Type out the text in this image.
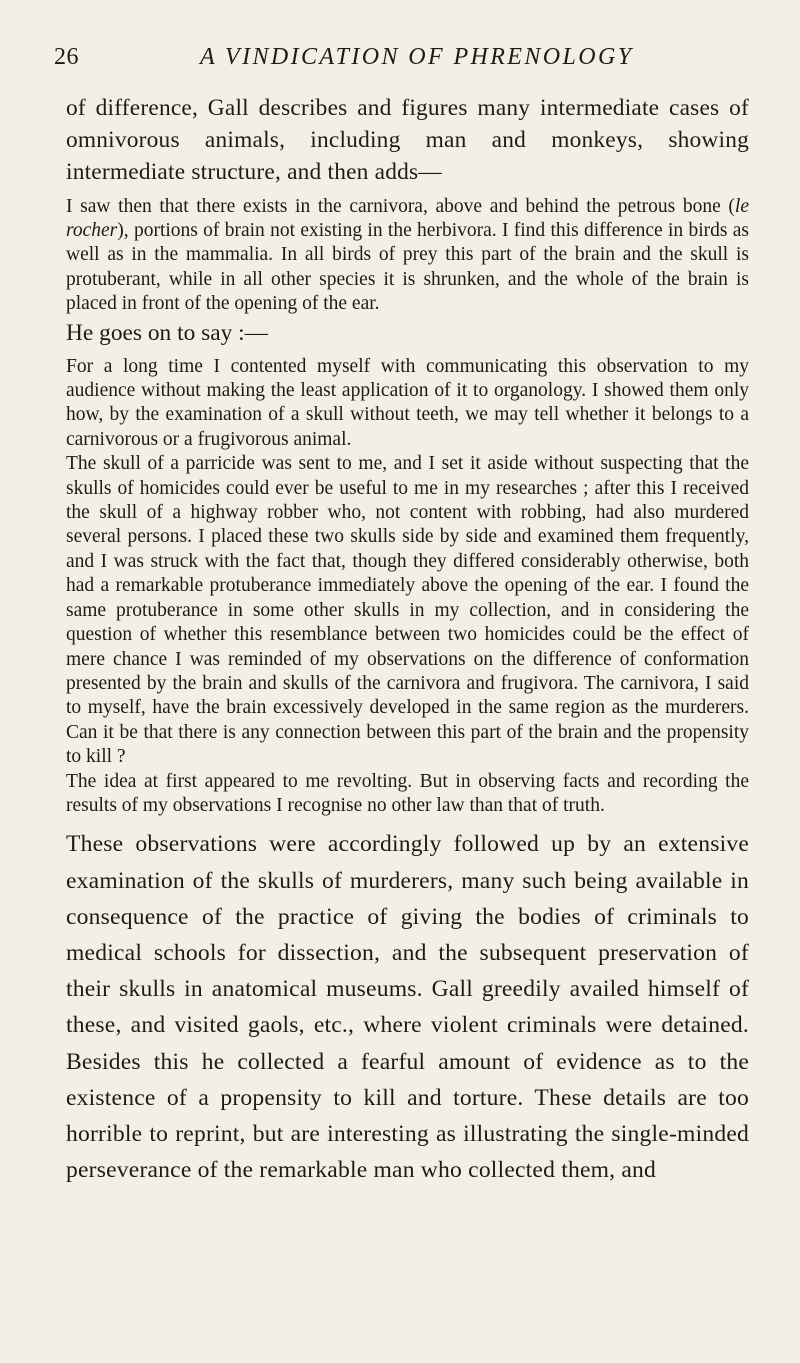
26	A VINDICATION OF PHRENOLOGY

of difference, Gall describes and figures many intermediate cases of omnivorous animals, including man and monkeys, showing intermediate structure, and then adds—

I saw then that there exists in the carnivora, above and behind the petrous bone (le rocher), portions of brain not existing in the herbivora. I find this difference in birds as well as in the mammalia. In all birds of prey this part of the brain and the skull is protuberant, while in all other species it is shrunken, and the whole of the brain is placed in front of the opening of the ear.

He goes on to say :—

For a long time I contented myself with communicating this observation to my audience without making the least application of it to organology. I showed them only how, by the examination of a skull without teeth, we may tell whether it belongs to a carnivorous or a frugivorous animal.

The skull of a parricide was sent to me, and I set it aside without suspecting that the skulls of homicides could ever be useful to me in my researches ; after this I received the skull of a highway robber who, not content with robbing, had also murdered several persons. I placed these two skulls side by side and examined them frequently, and I was struck with the fact that, though they differed considerably otherwise, both had a remarkable protuberance immediately above the opening of the ear. I found the same protuberance in some other skulls in my collection, and in considering the question of whether this resemblance between two homicides could be the effect of mere chance I was reminded of my observations on the difference of conformation presented by the brain and skulls of the carnivora and frugivora. The carnivora, I said to myself, have the brain excessively developed in the same region as the murderers. Can it be that there is any connection between this part of the brain and the propensity to kill ?

The idea at first appeared to me revolting. But in observing facts and recording the results of my observations I recognise no other law than that of truth.

These observations were accordingly followed up by an extensive examination of the skulls of murderers, many such being available in consequence of the practice of giving the bodies of criminals to medical schools for dissection, and the subsequent preservation of their skulls in anatomical museums. Gall greedily availed himself of these, and visited gaols, etc., where violent criminals were detained. Besides this he collected a fearful amount of evidence as to the existence of a propensity to kill and torture. These details are too horrible to reprint, but are interesting as illustrating the single-minded perseverance of the remarkable man who collected them, and
